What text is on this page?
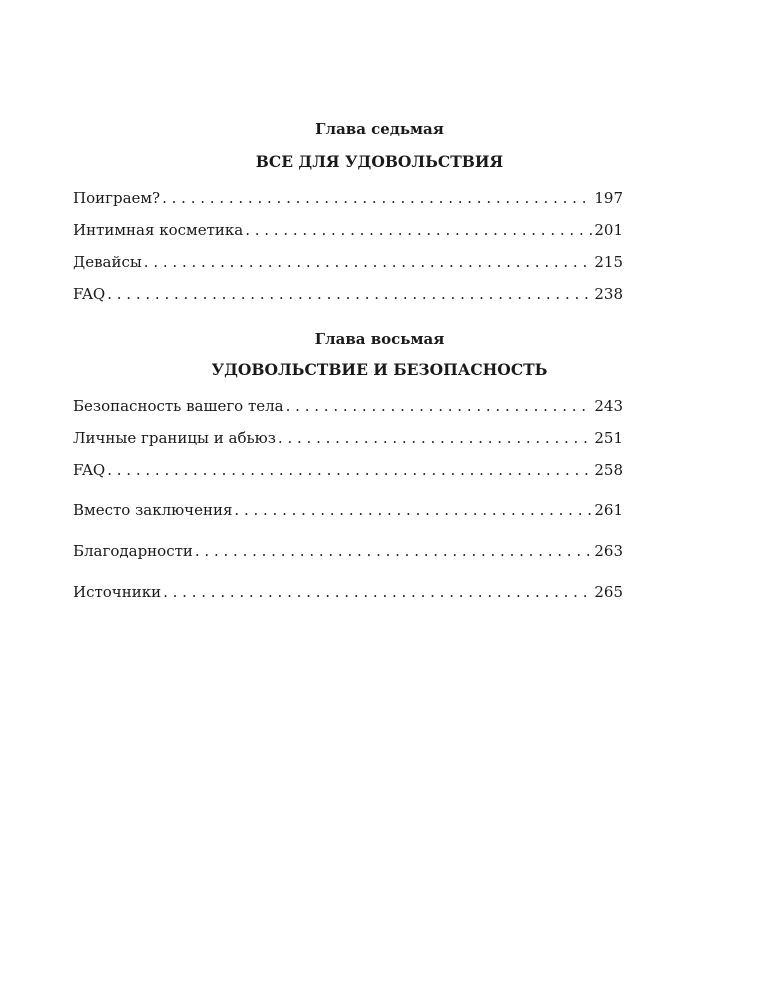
Глава седьмая
ВСЕ ДЛЯ УДОВОЛЬСТВИЯ
Поиграем? . . .	197
Интимная косметика . . .	201
Девайсы . . .	215
FAQ . . .	238
Глава восьмая
УДОВОЛЬСТВИЕ И БЕЗОПАСНОСТЬ
Безопасность вашего тела . . .	243
Личные границы и абьюз . . .	251
FAQ . . .	258
Вместо заключения . . .	261
Благодарности . . .	263
Источники . . .	265
